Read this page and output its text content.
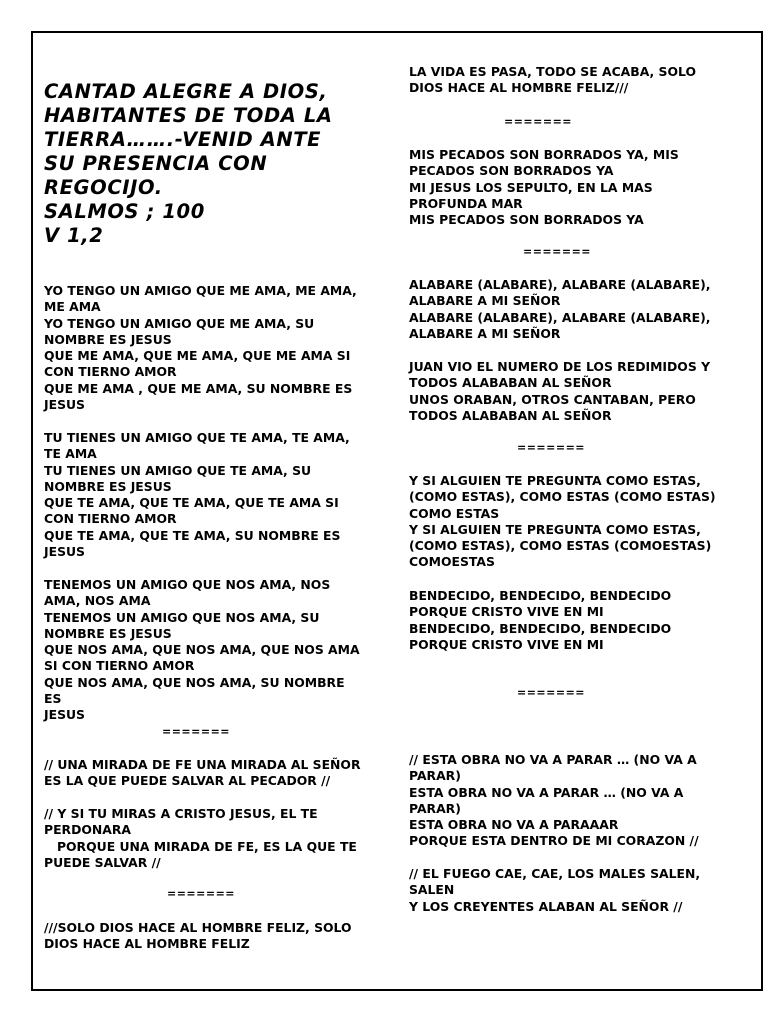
CANTAD ALEGRE A DIOS,
HABITANTES DE TODA LA
TIERRA…….-VENID ANTE
SU PRESENCIA CON
REGOCIJO.
SALMOS ; 100
V 1,2
YO TENGO UN AMIGO QUE ME AMA, ME AMA,
ME AMA
YO TENGO UN AMIGO QUE ME AMA, SU
NOMBRE ES JESUS
QUE ME AMA, QUE ME AMA, QUE ME AMA SI
CON TIERNO AMOR
QUE ME AMA , QUE ME AMA, SU NOMBRE ES
JESUS
TU TIENES UN AMIGO QUE TE AMA, TE AMA,
TE AMA
TU TIENES UN AMIGO QUE TE AMA, SU
NOMBRE ES JESUS
QUE TE AMA, QUE TE AMA, QUE TE AMA SI
CON TIERNO AMOR
QUE TE AMA, QUE TE AMA, SU NOMBRE ES
JESUS
TENEMOS UN AMIGO QUE NOS AMA, NOS
AMA, NOS AMA
TENEMOS UN AMIGO QUE NOS AMA, SU
NOMBRE ES JESUS
QUE NOS AMA, QUE NOS AMA, QUE NOS AMA
SI CON TIERNO AMOR
QUE NOS AMA, QUE NOS AMA, SU NOMBRE ES
JESUS
=======
// UNA MIRADA DE FE UNA MIRADA AL SEÑOR
ES LA QUE PUEDE SALVAR AL PECADOR //
// Y SI TU MIRAS A CRISTO JESUS, EL TE
PERDONARA
PORQUE UNA MIRADA DE FE, ES LA QUE TE
PUEDE SALVAR //
=======
///SOLO DIOS HACE AL HOMBRE FELIZ, SOLO
DIOS HACE AL HOMBRE FELIZ
LA VIDA ES PASA, TODO SE ACABA, SOLO
DIOS HACE AL HOMBRE FELIZ///
=======
MIS PECADOS SON BORRADOS YA, MIS
PECADOS SON BORRADOS YA
MI JESUS LOS SEPULTO, EN LA MAS
PROFUNDA MAR
MIS PECADOS SON BORRADOS YA
=======
ALABARE (ALABARE), ALABARE (ALABARE),
ALABARE A MI SEÑOR
ALABARE (ALABARE), ALABARE (ALABARE),
ALABARE A MI SEÑOR
JUAN VIO EL NUMERO DE LOS REDIMIDOS Y
TODOS ALABABAN AL SEÑOR
UNOS ORABAN, OTROS CANTABAN, PERO
TODOS ALABABAN AL SEÑOR
=======
Y SI ALGUIEN TE PREGUNTA COMO ESTAS,
(COMO ESTAS), COMO ESTAS (COMO ESTAS)
COMO ESTAS
Y SI ALGUIEN TE PREGUNTA COMO ESTAS,
(COMO ESTAS), COMO ESTAS (COMOESTAS)
COMOESTAS
BENDECIDO, BENDECIDO, BENDECIDO
PORQUE CRISTO VIVE EN MI
BENDECIDO, BENDECIDO, BENDECIDO
PORQUE CRISTO VIVE EN MI
=======
// ESTA OBRA NO VA A PARAR … (NO VA A
PARAR)
ESTA OBRA NO VA A PARAR … (NO VA A
PARAR)
ESTA OBRA NO VA A PARAAAR
PORQUE ESTA DENTRO DE MI CORAZON //
// EL FUEGO CAE, CAE, LOS MALES SALEN,
SALEN
Y LOS CREYENTES ALABAN AL SEÑOR //
